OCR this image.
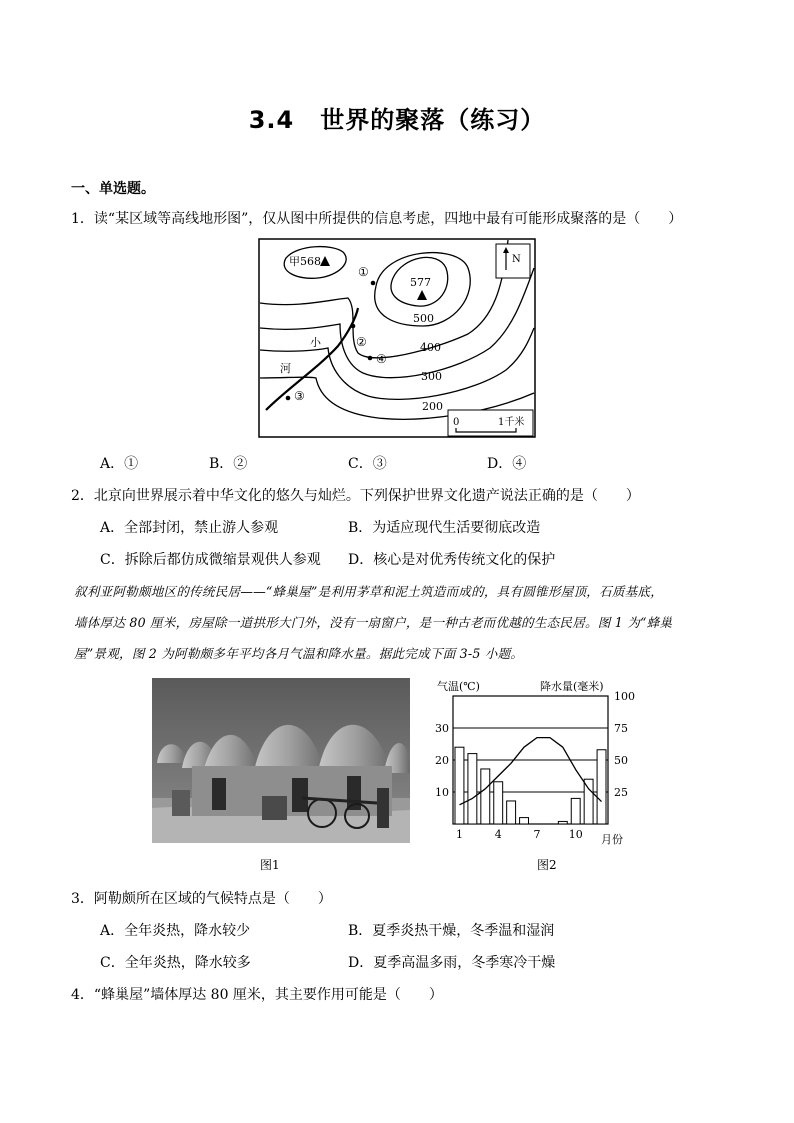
3.4 世界的聚落（练习）
一、单选题。
1．读“某区域等高线地形图”，仅从图中所提供的信息考虑，四地中最有可能形成聚落的是（　　）
甲568
577
①
②
③
④
500
400
300
200
小
河
N
0	1千米
A．①	B．②	C．③	D．④
2．北京向世界展示着中华文化的悠久与灿烂。下列保护世界文化遗产说法正确的是（　　）
A．全部封闭，禁止游人参观	B．为适应现代生活要彻底改造
C．拆除后都仿成微缩景观供人参观 D．核心是对优秀传统文化的保护
叙利亚阿勒颇地区的传统民居——“蜂巢屋”是利用茅草和泥土筑造而成的，具有圆锥形屋顶，石质基底，
墙体厚达 80 厘米，房屋除一道拱形大门外，没有一扇窗户，是一种古老而优越的生态民居。图 1 为“蜂巢
屋”景观，图 2 为阿勒颇多年平均各月气温和降水量。据此完成下面 3-5 小题。
图1
气温(℃)	降水量(毫米)
月份
10
20
30
25
50
75
100
1	4	7	10
图2
3．阿勒颇所在区域的气候特点是（　　）
A．全年炎热，降水较少	B．夏季炎热干燥，冬季温和湿润
C．全年炎热，降水较多	D．夏季高温多雨，冬季寒冷干燥
4．“蜂巢屋”墙体厚达 80 厘米，其主要作用可能是（　　）
